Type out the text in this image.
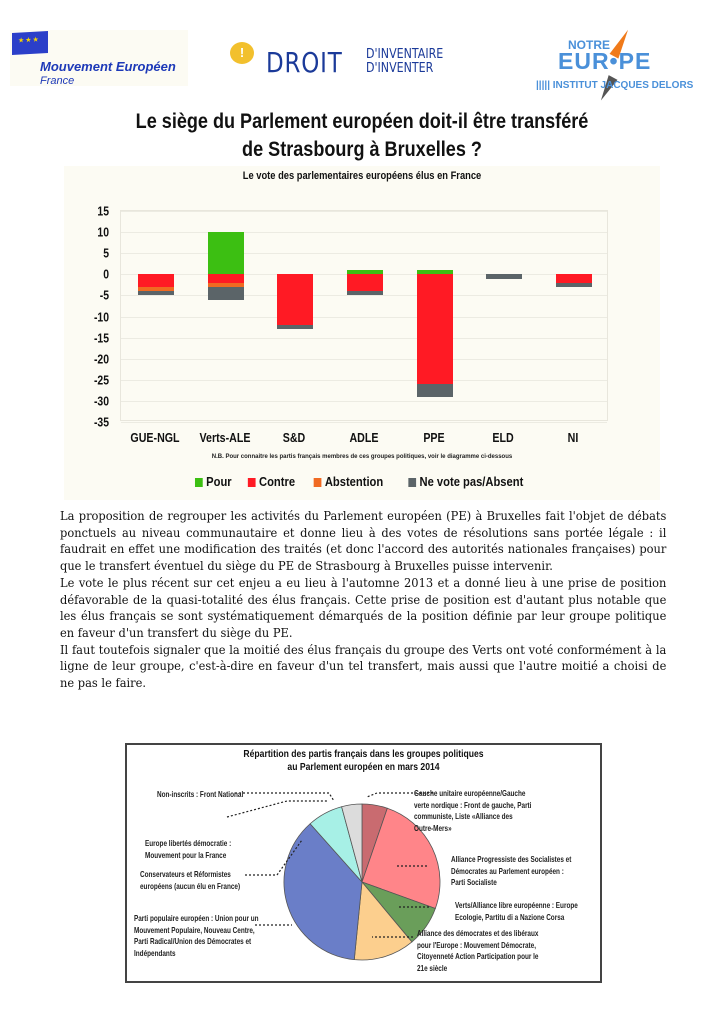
★★★
Mouvement Européen
France
! DROIT D'INVENTAIRE
D'INVENTER
NOTRE
EUR•PE
||||| INSTITUT JACQUES DELORS
Le siège du Parlement européen doit-il être transféré
de Strasbourg à Bruxelles ?
Le vote des parlementaires européens élus en France
15
10
5
0
-5
-10
-15
-20
-25
-30
-35
GUE-NGL	Verts-ALE	S&D	ADLE	PPE	ELD	NI
N.B. Pour connaitre les partis français membres de ces groupes politiques, voir le diagramme ci-dessous
Pour Contre Abstention	Ne vote pas/Absent

La proposition de regrouper les activités du Parlement européen (PE) à Bruxelles fait l'objet de débats ponctuels au niveau communautaire et donne lieu à des votes de résolutions sans portée légale : il faudrait en effet une modification des traités (et donc l'accord des autorités nationales françaises) pour que le transfert éventuel du siège du PE de Strasbourg à Bruxelles puisse intervenir.

Le vote le plus récent sur cet enjeu a eu lieu à l'automne 2013 et a donné lieu à une prise de position défavorable de la quasi-totalité des élus français. Cette prise de position est d'autant plus notable que les élus français se sont systématiquement démarqués de la position définie par leur groupe politique en faveur d'un transfert du siège du PE.

Il faut toutefois signaler que la moitié des élus français du groupe des Verts ont voté conformément à la ligne de leur groupe, c'est-à-dire en faveur d'un tel transfert, mais aussi que l'autre moitié a choisi de ne pas le faire.

Répartition des partis français dans les groupes politiques
au Parlement européen en mars 2014
Non-inscrits : Front National
Europe libertés démocratie :
Mouvement pour la France
Conservateurs et Réformistes
européens (aucun élu en France)
Parti populaire européen : Union pour un
Mouvement Populaire, Nouveau Centre,
Parti Radical/Union des Démocrates et
Indépendants
Gauche unitaire européenne/Gauche
verte nordique : Front de gauche, Parti
communiste, Liste «Alliance des
Outre-Mers»
Alliance Progressiste des Socialistes et
Démocrates au Parlement européen :
Parti Socialiste
Verts/Alliance libre européenne : Europe
Ecologie, Partitu di a Nazione Corsa
Alliance des démocrates et des libéraux
pour l'Europe : Mouvement Démocrate,
Citoyenneté Action Participation pour le
21e siècle
